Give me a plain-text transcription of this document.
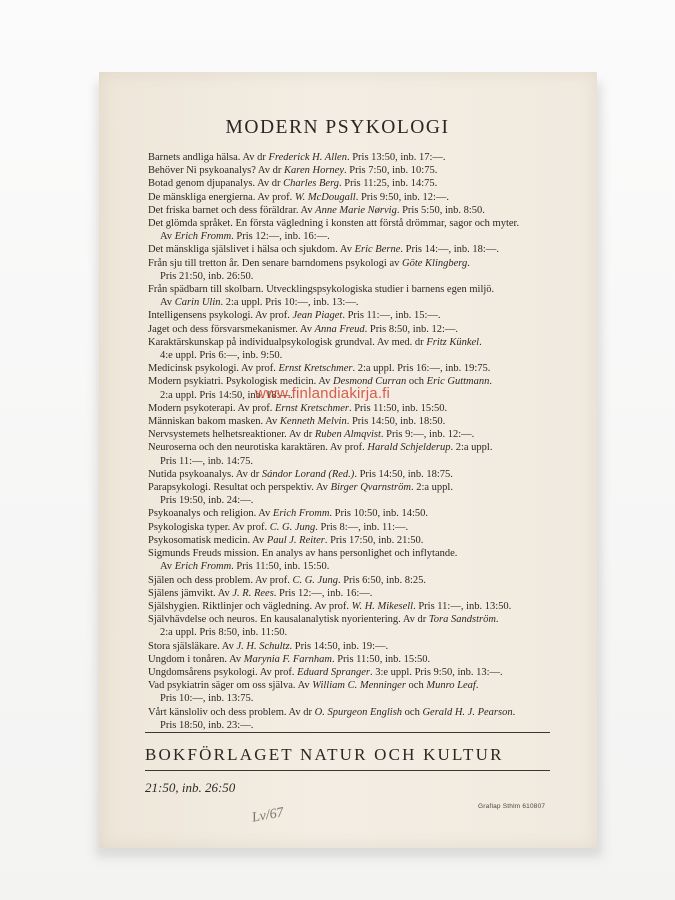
MODERN PSYKOLOGI
Barnets andliga hälsa. Av dr Frederick H. Allen. Pris 13:50, inb. 17:—.
Behöver Ni psykoanalys? Av dr Karen Horney. Pris 7:50, inb. 10:75.
Botad genom djupanalys. Av dr Charles Berg. Pris 11:25, inb. 14:75.
De mänskliga energierna. Av prof. W. McDougall. Pris 9:50, inb. 12:—.
Det friska barnet och dess föräldrar. Av Anne Marie Nørvig. Pris 5:50, inb. 8:50.
Det glömda språket. En första vägledning i konsten att förstå drömmar, sagor och myter.
Av Erich Fromm. Pris 12:—, inb. 16:—.
Det mänskliga själslivet i hälsa och sjukdom. Av Eric Berne. Pris 14:—, inb. 18:—.
Från sju till tretton år. Den senare barndomens psykologi av Göte Klingberg.
Pris 21:50, inb. 26:50.
Från spädbarn till skolbarn. Utvecklingspsykologiska studier i barnens egen miljö.
Av Carin Ulin. 2:a uppl. Pris 10:—, inb. 13:—.
Intelligensens psykologi. Av prof. Jean Piaget. Pris 11:—, inb. 15:—.
Jaget och dess försvarsmekanismer. Av Anna Freud. Pris 8:50, inb. 12:—.
Karaktärskunskap på individualpsykologisk grundval. Av med. dr Fritz Künkel.
4:e uppl. Pris 6:—, inb. 9:50.
Medicinsk psykologi. Av prof. Ernst Kretschmer. 2:a uppl. Pris 16:—, inb. 19:75.
Modern psykiatri. Psykologisk medicin. Av Desmond Curran och Eric Guttmann.
2:a uppl. Pris 14:50, inb. 18:—.
Modern psykoterapi. Av prof. Ernst Kretschmer. Pris 11:50, inb. 15:50.
Människan bakom masken. Av Kenneth Melvin. Pris 14:50, inb. 18:50.
Nervsystemets helhetsreaktioner. Av dr Ruben Almqvist. Pris 9:—, inb. 12:—.
Neuroserna och den neurotiska karaktären. Av prof. Harald Schjelderup. 2:a uppl.
Pris 11:—, inb. 14:75.
Nutida psykoanalys. Av dr Sándor Lorand (Red.). Pris 14:50, inb. 18:75.
Parapsykologi. Resultat och perspektiv. Av Birger Qvarnström. 2:a uppl.
Pris 19:50, inb. 24:—.
Psykoanalys och religion. Av Erich Fromm. Pris 10:50, inb. 14:50.
Psykologiska typer. Av prof. C. G. Jung. Pris 8:—, inb. 11:—.
Psykosomatisk medicin. Av Paul J. Reiter. Pris 17:50, inb. 21:50.
Sigmunds Freuds mission. En analys av hans personlighet och inflytande.
Av Erich Fromm. Pris 11:50, inb. 15:50.
Själen och dess problem. Av prof. C. G. Jung. Pris 6:50, inb. 8:25.
Själens jämvikt. Av J. R. Rees. Pris 12:—, inb. 16:—.
Själshygien. Riktlinjer och vägledning. Av prof. W. H. Mikesell. Pris 11:—, inb. 13:50.
Självhävdelse och neuros. En kausalanalytisk nyorientering. Av dr Tora Sandström.
2:a uppl. Pris 8:50, inb. 11:50.
Stora själsläkare. Av J. H. Schultz. Pris 14:50, inb. 19:—.
Ungdom i tonåren. Av Marynia F. Farnham. Pris 11:50, inb. 15:50.
Ungdomsårens psykologi. Av prof. Eduard Spranger. 3:e uppl. Pris 9:50, inb. 13:—.
Vad psykiatrin säger om oss själva. Av William C. Menninger och Munro Leaf.
Pris 10:—, inb. 13:75.
Vårt känsloliv och dess problem. Av dr O. Spurgeon English och Gerald H. J. Pearson.
Pris 18:50, inb. 23:—.
BOKFÖRLAGET NATUR OCH KULTUR
21:50, inb. 26:50
Lv/67	Graflap Sthlm 610807
www.finlandiakirja.fi
